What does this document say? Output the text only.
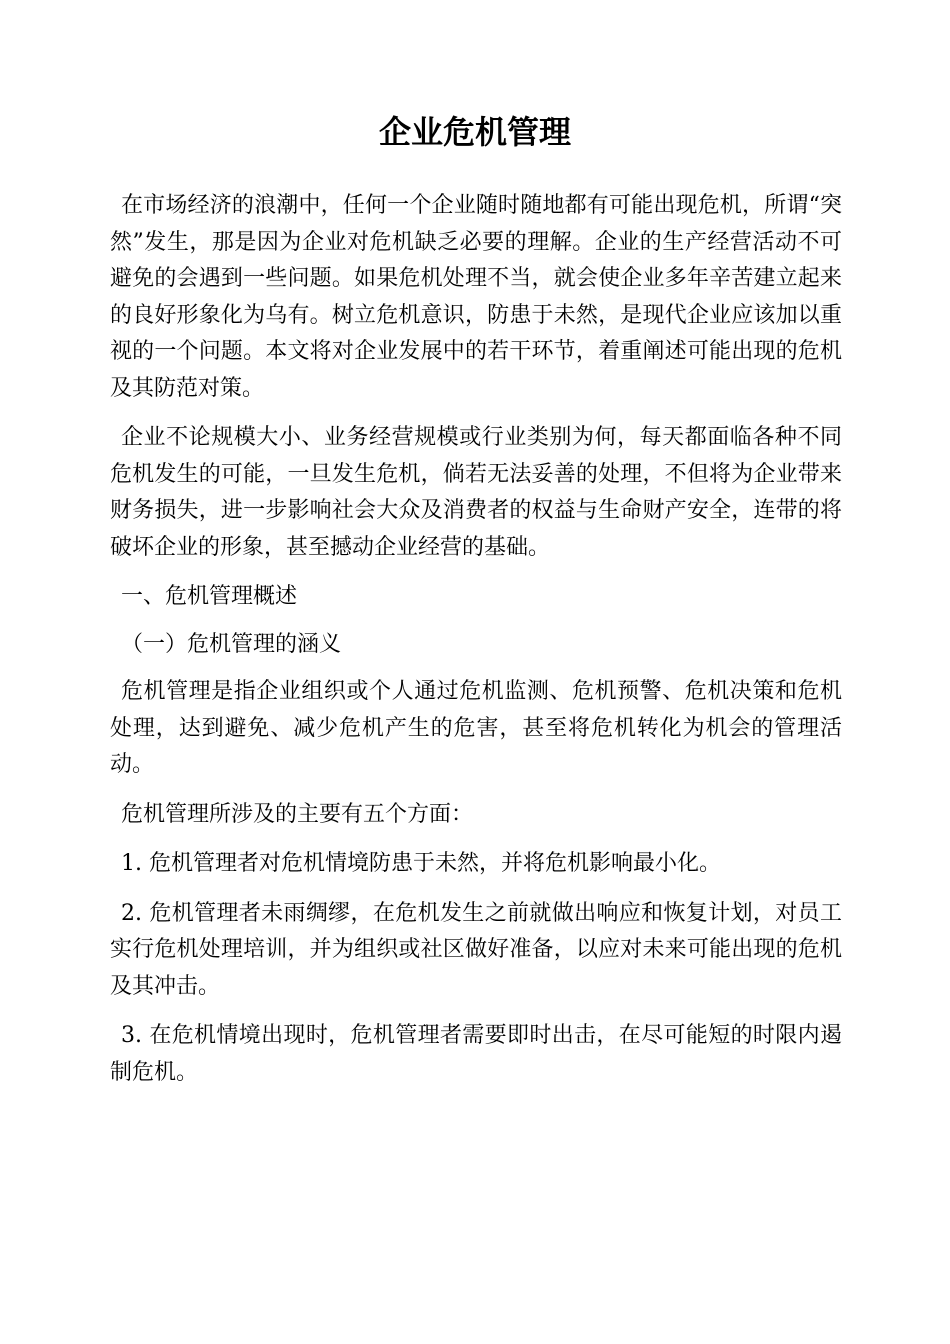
企业危机管理

在市场经济的浪潮中，任何一个企业随时随地都有可能出现危机，所谓“突然”发生，那是因为企业对危机缺乏必要的理解。企业的生产经营活动不可避免的会遇到一些问题。如果危机处理不当，就会使企业多年辛苦建立起来的良好形象化为乌有。树立危机意识，防患于未然，是现代企业应该加以重视的一个问题。本文将对企业发展中的若干环节，着重阐述可能出现的危机及其防范对策。

企业不论规模大小、业务经营规模或行业类别为何，每天都面临各种不同危机发生的可能，一旦发生危机，倘若无法妥善的处理，不但将为企业带来财务损失，进一步影响社会大众及消费者的权益与生命财产安全，连带的将破坏企业的形象，甚至撼动企业经营的基础。

一、危机管理概述

（一）危机管理的涵义

危机管理是指企业组织或个人通过危机监测、危机预警、危机决策和危机处理，达到避免、减少危机产生的危害，甚至将危机转化为机会的管理活动。

危机管理所涉及的主要有五个方面：

1. 危机管理者对危机情境防患于未然，并将危机影响最小化。

2. 危机管理者未雨绸缪，在危机发生之前就做出响应和恢复计划，对员工实行危机处理培训，并为组织或社区做好准备，以应对未来可能出现的危机及其冲击。

3. 在危机情境出现时，危机管理者需要即时出击，在尽可能短的时限内遏制危机。
